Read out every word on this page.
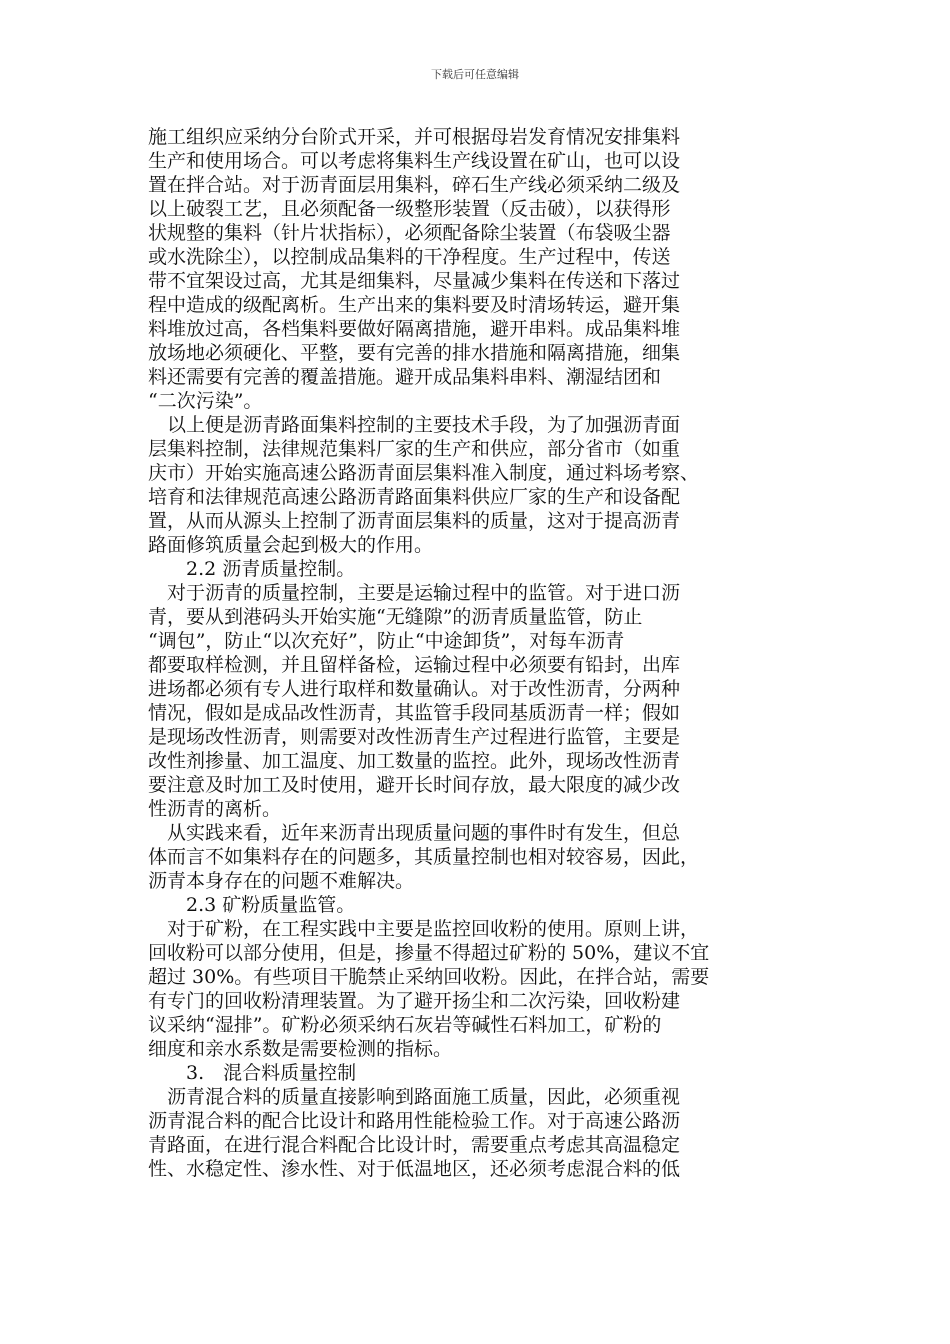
下载后可任意编辑
施工组织应采纳分台阶式开采，并可根据母岩发育情况安排集料
生产和使用场合。可以考虑将集料生产线设置在矿山，也可以设
置在拌合站。对于沥青面层用集料，碎石生产线必须采纳二级及
以上破裂工艺，且必须配备一级整形装置（反击破），以获得形
状规整的集料（针片状指标），必须配备除尘装置（布袋吸尘器
或水洗除尘），以控制成品集料的干净程度。生产过程中，传送
带不宜架设过高，尤其是细集料，尽量减少集料在传送和下落过
程中造成的级配离析。生产出来的集料要及时清场转运，避开集
料堆放过高，各档集料要做好隔离措施，避开串料。成品集料堆
放场地必须硬化、平整，要有完善的排水措施和隔离措施，细集
料还需要有完善的覆盖措施。避开成品集料串料、潮湿结团和
“二次污染”。
　以上便是沥青路面集料控制的主要技术手段，为了加强沥青面
层集料控制，法律规范集料厂家的生产和供应，部分省市（如重
庆市）开始实施高速公路沥青面层集料准入制度，通过料场考察、
培育和法律规范高速公路沥青路面集料供应厂家的生产和设备配
置，从而从源头上控制了沥青面层集料的质量，这对于提高沥青
路面修筑质量会起到极大的作用。
　　2.2 沥青质量控制。
　对于沥青的质量控制，主要是运输过程中的监管。对于进口沥
青，要从到港码头开始实施“无缝隙”的沥青质量监管，防止
“调包”，防止“以次充好”，防止“中途卸货”，对每车沥青
都要取样检测，并且留样备检，运输过程中必须要有铅封，出库
进场都必须有专人进行取样和数量确认。对于改性沥青，分两种
情况，假如是成品改性沥青，其监管手段同基质沥青一样；假如
是现场改性沥青，则需要对改性沥青生产过程进行监管，主要是
改性剂掺量、加工温度、加工数量的监控。此外，现场改性沥青
要注意及时加工及时使用，避开长时间存放，最大限度的减少改
性沥青的离析。
　从实践来看，近年来沥青出现质量问题的事件时有发生，但总
体而言不如集料存在的问题多，其质量控制也相对较容易，因此，
沥青本身存在的问题不难解决。
　　2.3 矿粉质量监管。
　对于矿粉，在工程实践中主要是监控回收粉的使用。原则上讲，
回收粉可以部分使用，但是，掺量不得超过矿粉的 50%，建议不宜
超过 30%。有些项目干脆禁止采纳回收粉。因此，在拌合站，需要
有专门的回收粉清理装置。为了避开扬尘和二次污染，回收粉建
议采纳“湿排”。矿粉必须采纳石灰岩等碱性石料加工，矿粉的
细度和亲水系数是需要检测的指标。
　　3.　混合料质量控制
　沥青混合料的质量直接影响到路面施工质量，因此，必须重视
沥青混合料的配合比设计和路用性能检验工作。对于高速公路沥
青路面，在进行混合料配合比设计时，需要重点考虑其高温稳定
性、水稳定性、渗水性、对于低温地区，还必须考虑混合料的低
